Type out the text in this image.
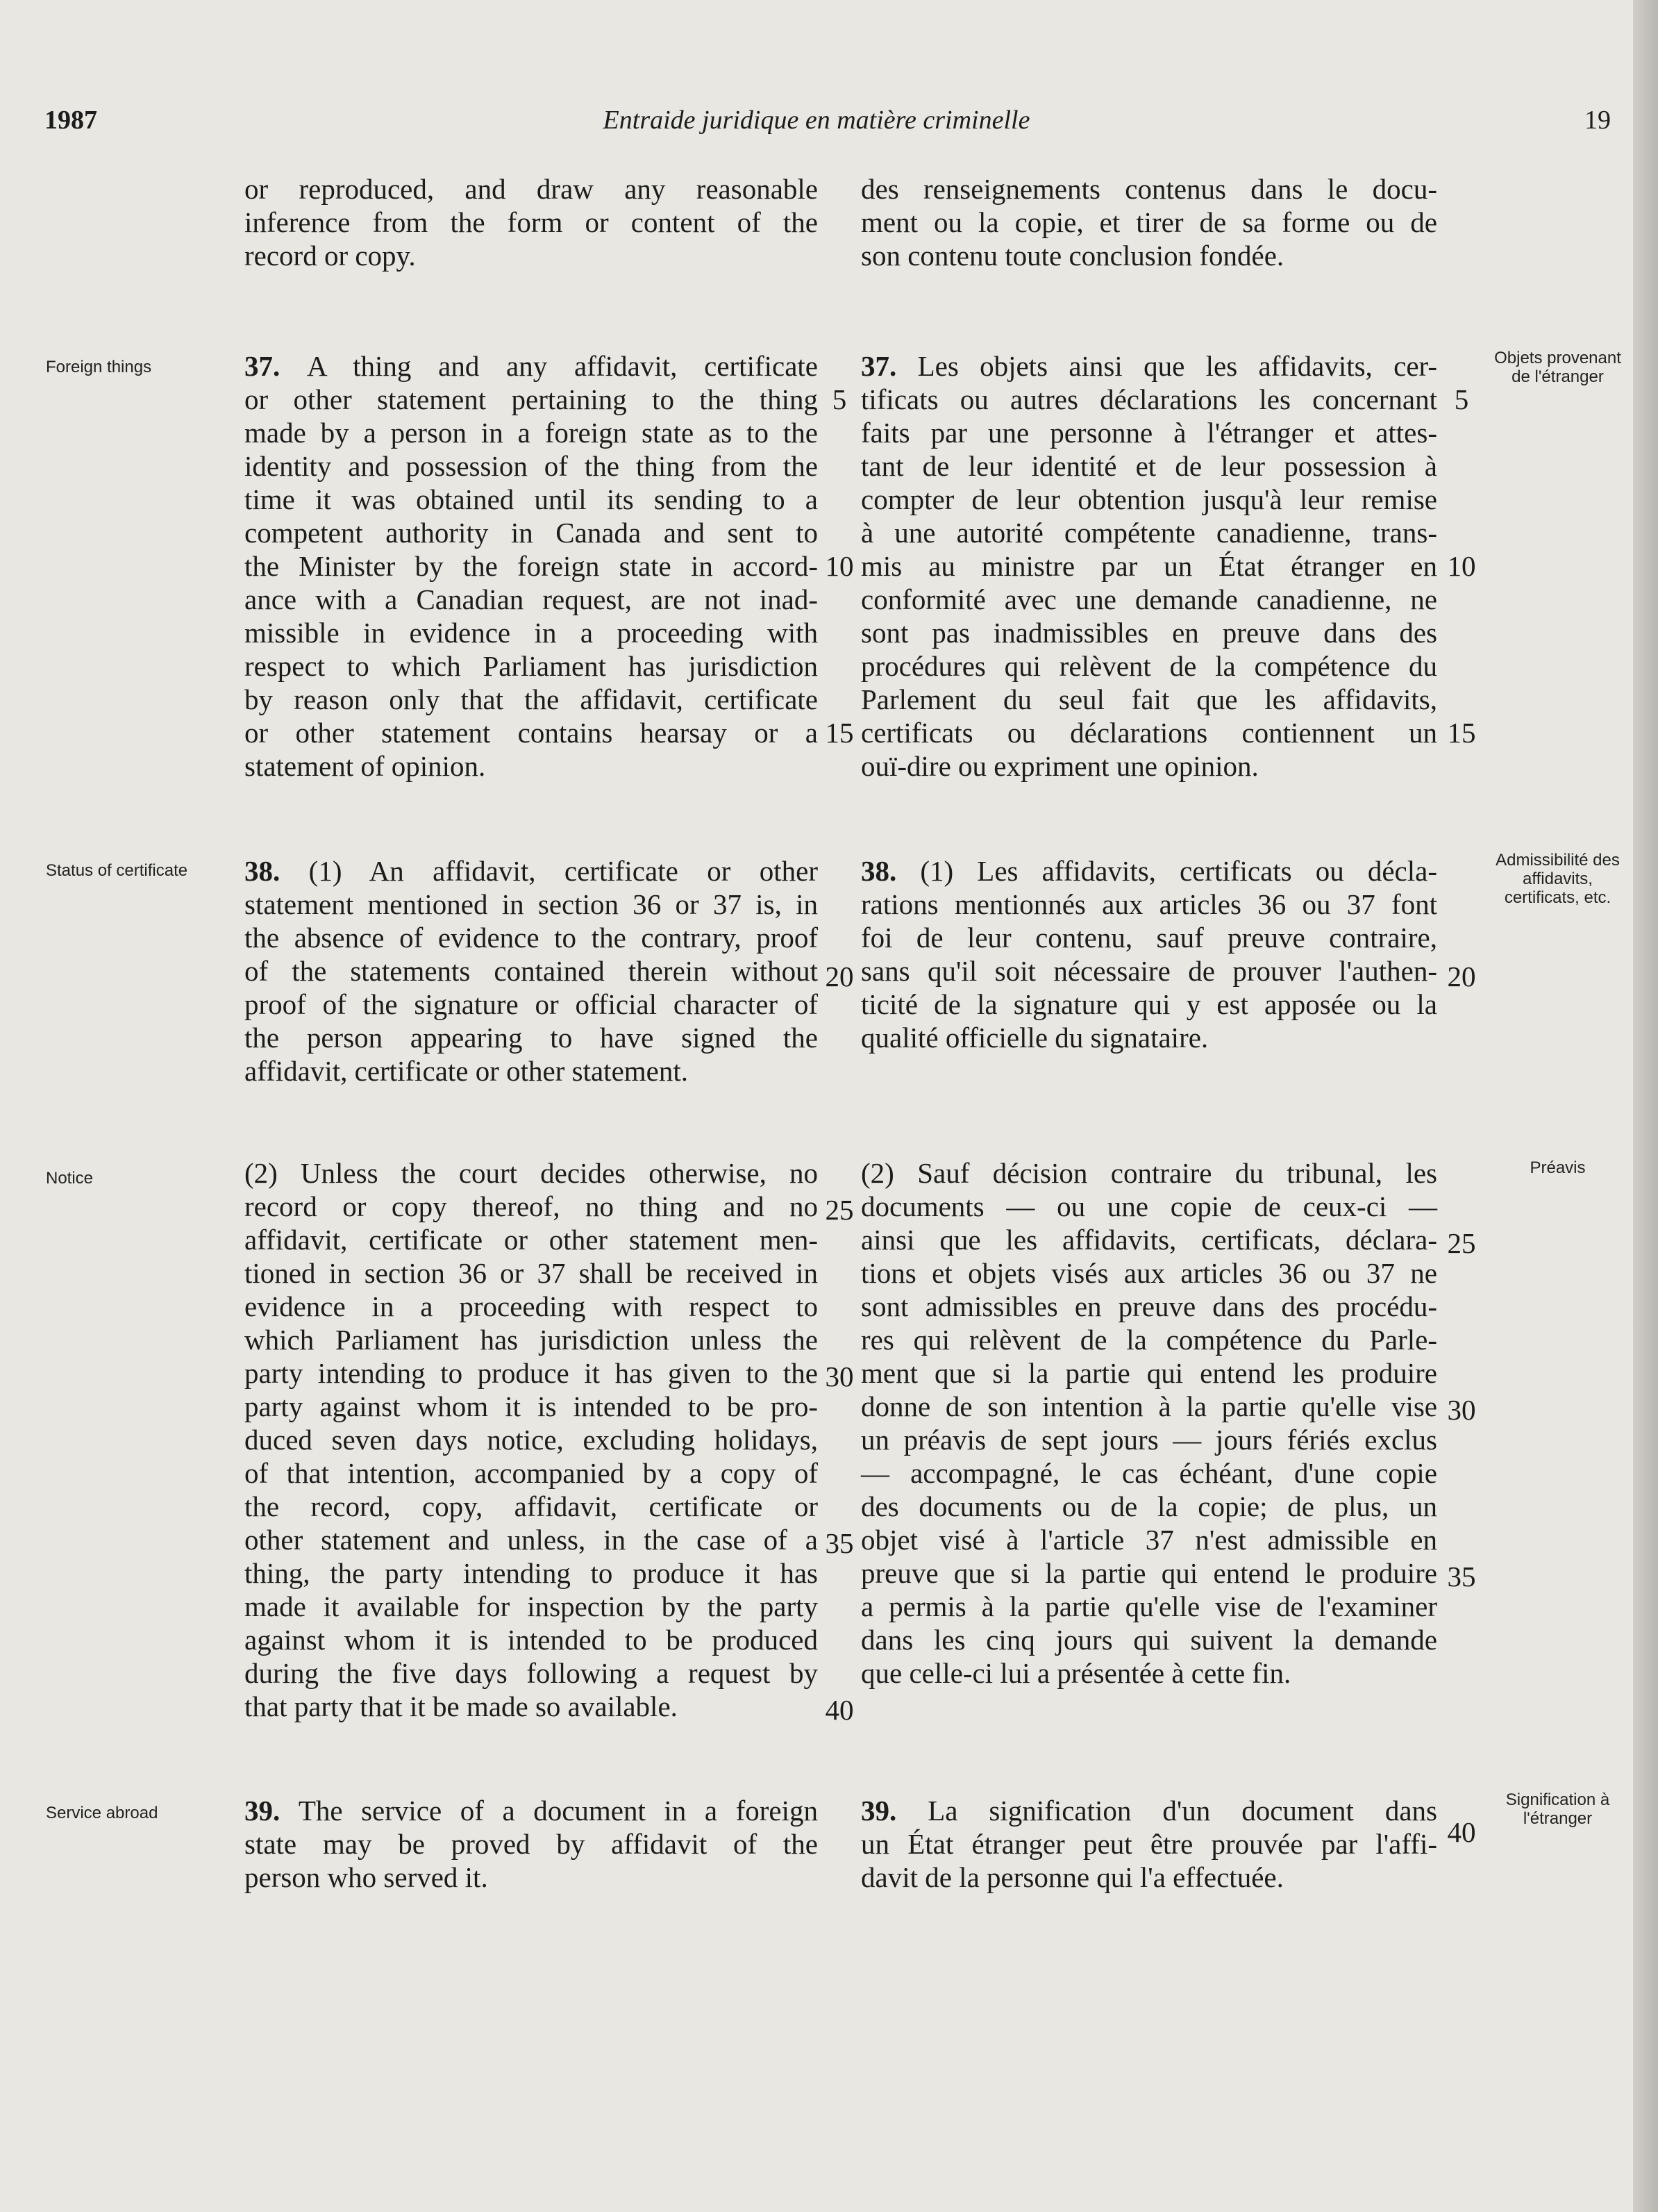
1987	Entraide juridique en matière criminelle	19

or reproduced, and draw any reasonable
inference from the form or content of the
record or copy.

des renseignements contenus dans le docu-
ment ou la copie, et tirer de sa forme ou de
son contenu toute conclusion fondée.

37. A thing and any affidavit, certificate
or other statement pertaining to the thing
made by a person in a foreign state as to the
identity and possession of the thing from the
time it was obtained until its sending to a
competent authority in Canada and sent to
the Minister by the foreign state in accord-
ance with a Canadian request, are not inad-
missible in evidence in a proceeding with
respect to which Parliament has jurisdiction
by reason only that the affidavit, certificate
or other statement contains hearsay or a
statement of opinion.

37. Les objets ainsi que les affidavits, cer-
tificats ou autres déclarations les concernant
faits par une personne à l'étranger et attes-
tant de leur identité et de leur possession à
compter de leur obtention jusqu'à leur remise
à une autorité compétente canadienne, trans-
mis au ministre par un État étranger en
conformité avec une demande canadienne, ne
sont pas inadmissibles en preuve dans des
procédures qui relèvent de la compétence du
Parlement du seul fait que les affidavits,
certificats ou déclarations contiennent un
ouï-dire ou expriment une opinion.

Foreign things	Objets provenant de l'étranger

38. (1) An affidavit, certificate or other
statement mentioned in section 36 or 37 is, in
the absence of evidence to the contrary, proof
of the statements contained therein without
proof of the signature or official character of
the person appearing to have signed the
affidavit, certificate or other statement.

38. (1) Les affidavits, certificats ou décla-
rations mentionnés aux articles 36 ou 37 font
foi de leur contenu, sauf preuve contraire,
sans qu'il soit nécessaire de prouver l'authen-
ticité de la signature qui y est apposée ou la
qualité officielle du signataire.

Status of certificate
Admissibilité des affidavits, certificats, etc.

(2) Unless the court decides otherwise, no
record or copy thereof, no thing and no
affidavit, certificate or other statement men-
tioned in section 36 or 37 shall be received in
evidence in a proceeding with respect to
which Parliament has jurisdiction unless the
party intending to produce it has given to the
party against whom it is intended to be pro-
duced seven days notice, excluding holidays,
of that intention, accompanied by a copy of
the record, copy, affidavit, certificate or
other statement and unless, in the case of a
thing, the party intending to produce it has
made it available for inspection by the party
against whom it is intended to be produced
during the five days following a request by
that party that it be made so available.

(2) Sauf décision contraire du tribunal, les
documents — ou une copie de ceux-ci —
ainsi que les affidavits, certificats, déclara-
tions et objets visés aux articles 36 ou 37 ne
sont admissibles en preuve dans des procédu-
res qui relèvent de la compétence du Parle-
ment que si la partie qui entend les produire
donne de son intention à la partie qu'elle vise
un préavis de sept jours — jours fériés exclus
— accompagné, le cas échéant, d'une copie
des documents ou de la copie; de plus, un
objet visé à l'article 37 n'est admissible en
preuve que si la partie qui entend le produire
a permis à la partie qu'elle vise de l'examiner
dans les cinq jours qui suivent la demande
que celle-ci lui a présentée à cette fin.

Notice
Préavis

39. The service of a document in a foreign
state may be proved by affidavit of the
person who served it.

39. La signification d'un document dans
un État étranger peut être prouvée par l'affi-
davit de la personne qui l'a effectuée.

Service abroad
Signification à l'étranger
5
10
15
20
25
30
35
40
5
10
15
20
25
30
35
40
